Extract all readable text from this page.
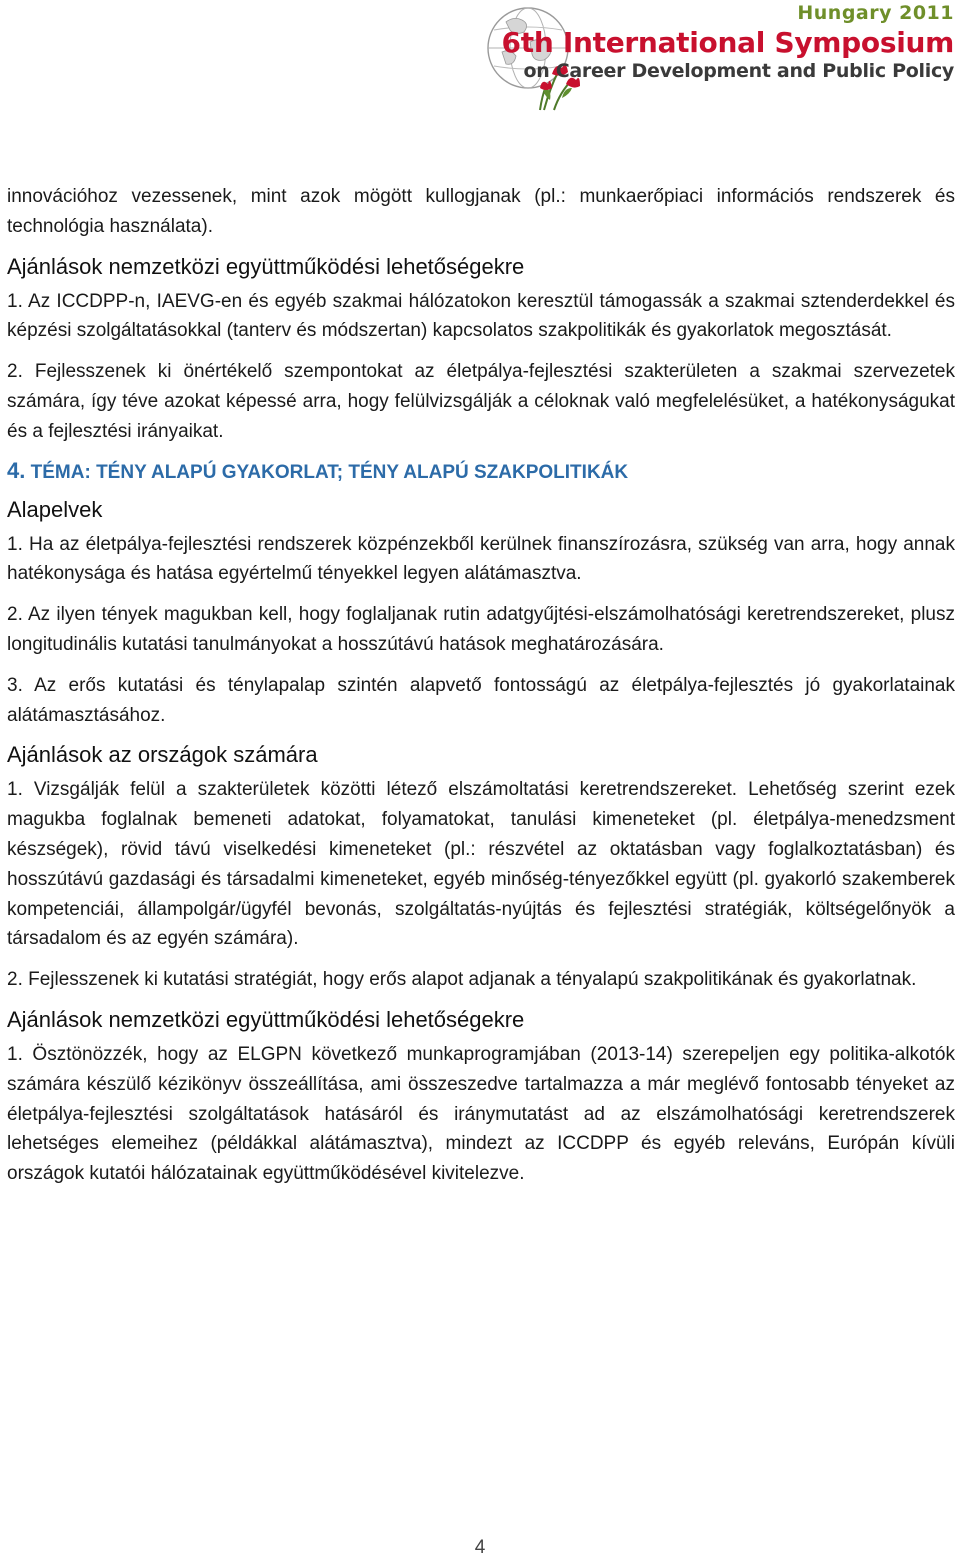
Hungary 2011
6th International Symposium
on Career Development and Public Policy

innovációhoz vezessenek, mint azok mögött kullogjanak (pl.: munkaerőpiaci információs rendszerek és technológia használata).

Ajánlások nemzetközi együttműködési lehetőségekre

1. Az ICCDPP-n, IAEVG-en és egyéb szakmai hálózatokon keresztül támogassák a szakmai sztenderdekkel és képzési szolgáltatásokkal (tanterv és módszertan) kapcsolatos szakpolitikák és gyakorlatok megosztását.

2. Fejlesszenek ki önértékelő szempontokat az életpálya-fejlesztési szakterületen a szakmai szervezetek számára, így téve azokat képessé arra, hogy felülvizsgálják a céloknak való megfelelésüket, a hatékonyságukat és a fejlesztési irányaikat.

4. TÉMA: TÉNY ALAPÚ GYAKORLAT; TÉNY ALAPÚ SZAKPOLITIKÁK
Alapelvek

1. Ha az életpálya-fejlesztési rendszerek közpénzekből kerülnek finanszírozásra, szükség van arra, hogy annak hatékonysága és hatása egyértelmű tényekkel legyen alátámasztva.

2. Az ilyen tények magukban kell, hogy foglaljanak rutin adatgyűjtési-elszámolhatósági keretrendszereket, plusz longitudinális kutatási tanulmányokat a hosszútávú hatások meghatározására.

3. Az erős kutatási és ténylapalap szintén alapvető fontosságú az életpálya-fejlesztés jó gyakorlatainak alátámasztásához.

Ajánlások az országok számára

1. Vizsgálják felül a szakterületek közötti létező elszámoltatási keretrendszereket. Lehetőség szerint ezek magukba foglalnak bemeneti adatokat, folyamatokat, tanulási kimeneteket (pl. életpálya-menedzsment készségek), rövid távú viselkedési kimeneteket (pl.: részvétel az oktatásban vagy foglalkoztatásban) és hosszútávú gazdasági és társadalmi kimeneteket, egyéb minőség-tényezőkkel együtt (pl. gyakorló szakemberek kompetenciái, állampolgár/ügyfél bevonás, szolgáltatás-nyújtás és fejlesztési stratégiák, költségelőnyök a társadalom és az egyén számára).

2. Fejlesszenek ki kutatási stratégiát, hogy erős alapot adjanak a tényalapú szakpolitikának és gyakorlatnak.

Ajánlások nemzetközi együttműködési lehetőségekre

1. Ösztönözzék, hogy az ELGPN következő munkaprogramjában (2013-14) szerepeljen egy politika-alkotók számára készülő kézikönyv összeállítása, ami összeszedve tartalmazza a már meglévő fontosabb tényeket az életpálya-fejlesztési szolgáltatások hatásáról és iránymutatást ad az elszámolhatósági keretrendszerek lehetséges elemeihez (példákkal alátámasztva), mindezt az ICCDPP és egyéb releváns, Európán kívüli országok kutatói hálózatainak együttműködésével kivitelezve.

4
